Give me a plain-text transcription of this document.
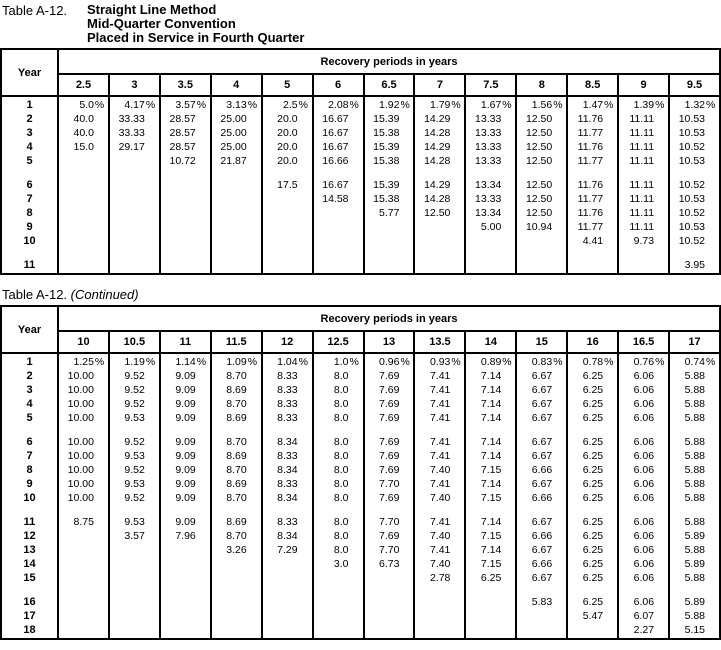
Table A-12.	Straight Line Method
Mid-Quarter Convention
Placed in Service in Fourth Quarter
Year	Recovery periods in years												
	2.5	3	3.5	4	5	6	6.5	7	7.5	8	8.5	9	9.5

1	5.0 %	4.17 %	3.57 %	3.13 %	2.5 %	2.08 %	1.92 %	1.79 %	1.67 %	1.56 %	1.47 %	1.39 %	1.32 %

2	40.0	33.33	28.57	25.00	20.0	16.67	15.39	14.29	13.33	12.50	11.76	11.11	10.53

3	40.0	33.33	28.57	25.00	20.0	16.67	15.38	14.28	13.33	12.50	11.77	11.11	10.53

4	15.0	29.17	28.57	25.00	20.0	16.67	15.39	14.29	13.33	12.50	11.76	11.11	10.52

5			10.72	21.87	20.0	16.66	15.38	14.28	13.33	12.50	11.77	11.11	10.53

6					17.5	16.67	15.39	14.29	13.34	12.50	11.76	11.11	10.52

7						14.58	15.38	14.28	13.33	12.50	11.77	11.11	10.53

8							5.77	12.50	13.34	12.50	11.76	11.11	10.52

9									5.00	10.94	11.77	11.11	10.53

10											4.41	9.73	10.52

11													3.95

Table A-12. (Continued)
Year	Recovery periods in years												
	10	10.5	11	11.5	12	12.5	13	13.5	14	15	16	16.5	17

1	1.25 %	1.19 %	1.14 %	1.09 %	1.04 %	1.0 %	0.96 %	0.93 %	0.89 %	0.83 %	0.78 %	0.76 %	0.74 %

2	10.00	9.52	9.09	8.70	8.33	8.0	7.69	7.41	7.14	6.67	6.25	6.06	5.88

3	10.00	9.52	9.09	8.69	8.33	8.0	7.69	7.41	7.14	6.67	6.25	6.06	5.88

4	10.00	9.52	9.09	8.70	8.33	8.0	7.69	7.41	7.14	6.67	6.25	6.06	5.88

5	10.00	9.53	9.09	8.69	8.33	8.0	7.69	7.41	7.14	6.67	6.25	6.06	5.88

6	10.00	9.52	9.09	8.70	8.34	8.0	7.69	7.41	7.14	6.67	6.25	6.06	5.88

7	10.00	9.53	9.09	8.69	8.33	8.0	7.69	7.41	7.14	6.67	6.25	6.06	5.88

8	10.00	9.52	9.09	8.70	8.34	8.0	7.69	7.40	7.15	6.66	6.25	6.06	5.88

9	10.00	9.53	9.09	8.69	8.33	8.0	7.70	7.41	7.14	6.67	6.25	6.06	5.88

10	10.00	9.52	9.09	8.70	8.34	8.0	7.69	7.40	7.15	6.66	6.25	6.06	5.88

11	8.75	9.53	9.09	8.69	8.33	8.0	7.70	7.41	7.14	6.67	6.25	6.06	5.88

12		3.57	7.96	8.70	8.34	8.0	7.69	7.40	7.15	6.66	6.25	6.06	5.89

13				3.26	7.29	8.0	7.70	7.41	7.14	6.67	6.25	6.06	5.88

14						3.0	6.73	7.40	7.15	6.66	6.25	6.06	5.89

15								2.78	6.25	6.67	6.25	6.06	5.88

16										5.83	6.25	6.06	5.89

17											5.47	6.07	5.88

18												2.27	5.15
